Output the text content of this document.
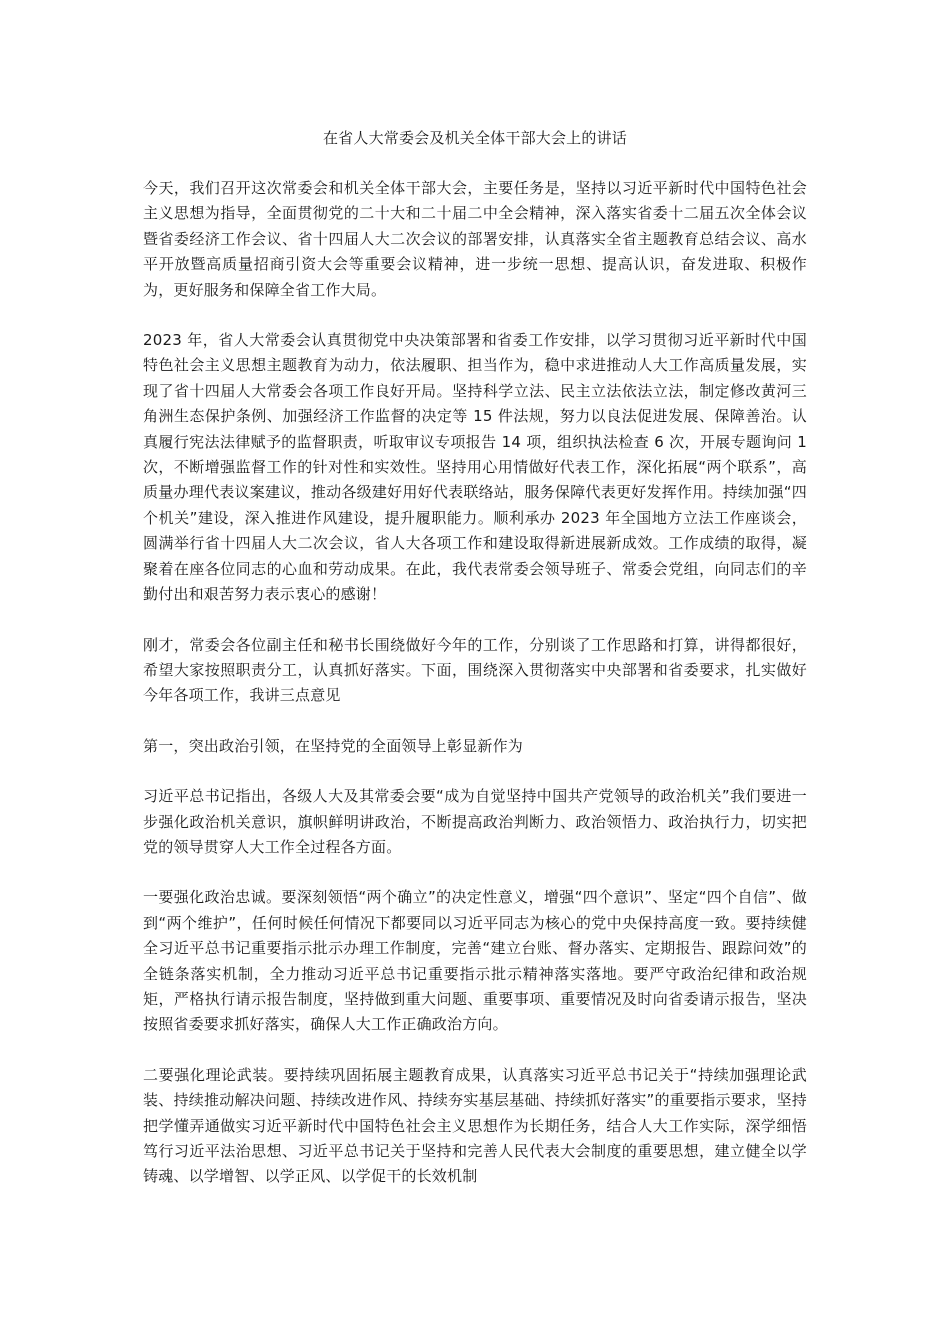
在省人大常委会及机关全体干部大会上的讲话

今天，我们召开这次常委会和机关全体干部大会，主要任务是，坚持以习近平新时代中国特色社会主义思想为指导，全面贯彻党的二十大和二十届二中全会精神，深入落实省委十二届五次全体会议暨省委经济工作会议、省十四届人大二次会议的部署安排，认真落实全省主题教育总结会议、高水平开放暨高质量招商引资大会等重要会议精神，进一步统一思想、提高认识，奋发进取、积极作为，更好服务和保障全省工作大局。

2023 年，省人大常委会认真贯彻党中央决策部署和省委工作安排，以学习贯彻习近平新时代中国特色社会主义思想主题教育为动力，依法履职、担当作为，稳中求进推动人大工作高质量发展，实现了省十四届人大常委会各项工作良好开局。坚持科学立法、民主立法依法立法，制定修改黄河三角洲生态保护条例、加强经济工作监督的决定等 15 件法规，努力以良法促进发展、保障善治。认真履行宪法法律赋予的监督职责，听取审议专项报告 14 项，组织执法检查 6 次，开展专题询问 1 次，不断增强监督工作的针对性和实效性。坚持用心用情做好代表工作，深化拓展“两个联系”，高质量办理代表议案建议，推动各级建好用好代表联络站，服务保障代表更好发挥作用。持续加强“四个机关”建设，深入推进作风建设，提升履职能力。顺利承办 2023 年全国地方立法工作座谈会，圆满举行省十四届人大二次会议，省人大各项工作和建设取得新进展新成效。工作成绩的取得，凝聚着在座各位同志的心血和劳动成果。在此，我代表常委会领导班子、常委会党组，向同志们的辛勤付出和艰苦努力表示衷心的感谢！

刚才，常委会各位副主任和秘书长围绕做好今年的工作，分别谈了工作思路和打算，讲得都很好，希望大家按照职责分工，认真抓好落实。下面，围绕深入贯彻落实中央部署和省委要求，扎实做好今年各项工作，我讲三点意见

第一，突出政治引领，在坚持党的全面领导上彰显新作为

习近平总书记指出，各级人大及其常委会要“成为自觉坚持中国共产党领导的政治机关”我们要进一步强化政治机关意识，旗帜鲜明讲政治，不断提高政治判断力、政治领悟力、政治执行力，切实把党的领导贯穿人大工作全过程各方面。

一要强化政治忠诚。要深刻领悟“两个确立”的决定性意义，增强“四个意识”、坚定“四个自信”、做到“两个维护”，任何时候任何情况下都要同以习近平同志为核心的党中央保持高度一致。要持续健全习近平总书记重要指示批示办理工作制度，完善“建立台账、督办落实、定期报告、跟踪问效”的全链条落实机制，全力推动习近平总书记重要指示批示精神落实落地。要严守政治纪律和政治规矩，严格执行请示报告制度，坚持做到重大问题、重要事项、重要情况及时向省委请示报告，坚决按照省委要求抓好落实，确保人大工作正确政治方向。

二要强化理论武装。要持续巩固拓展主题教育成果，认真落实习近平总书记关于“持续加强理论武装、持续推动解决问题、持续改进作风、持续夯实基层基础、持续抓好落实”的重要指示要求，坚持把学懂弄通做实习近平新时代中国特色社会主义思想作为长期任务，结合人大工作实际，深学细悟笃行习近平法治思想、习近平总书记关于坚持和完善人民代表大会制度的重要思想，建立健全以学铸魂、以学增智、以学正风、以学促干的长效机制
